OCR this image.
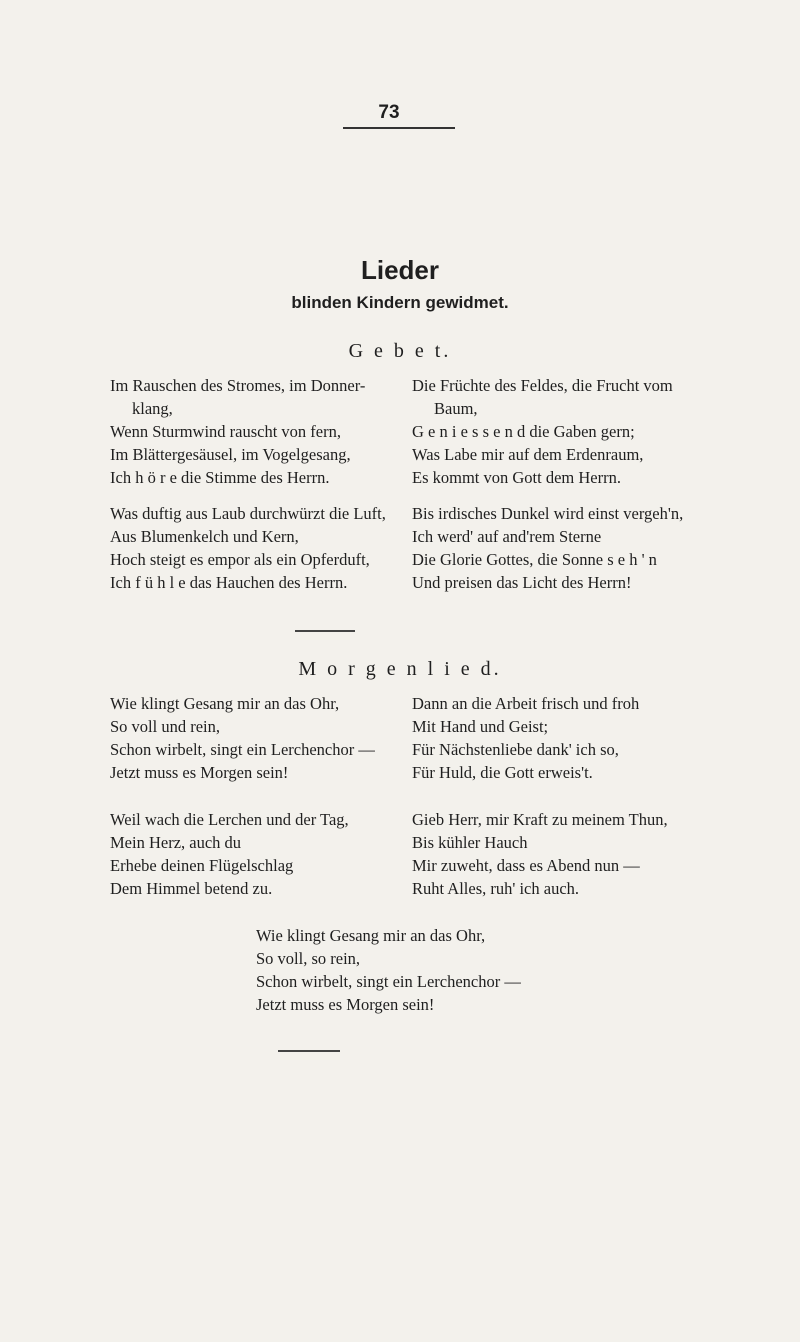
73
Lieder
blinden Kindern gewidmet.
G e b e t.
Im Rauschen des Stromes, im Donner-
klang,
Wenn Sturmwind rauscht von fern,
Im Blättergesäusel, im Vogelgesang,
Ich h ö r e die Stimme des Herrn.
Die Früchte des Feldes, die Frucht vom
Baum,
G e n i e s s e n d die Gaben gern;
Was Labe mir auf dem Erdenraum,
Es kommt von Gott dem Herrn.
Was duftig aus Laub durchwürzt die Luft,
Aus Blumenkelch und Kern,
Hoch steigt es empor als ein Opferduft,
Ich f ü h l e das Hauchen des Herrn.
Bis irdisches Dunkel wird einst vergeh'n,
Ich werd' auf and'rem Sterne
Die Glorie Gottes, die Sonne s e h ' n
Und preisen das Licht des Herrn!
M o r g e n l i e d.
Wie klingt Gesang mir an das Ohr,
So voll und rein,
Schon wirbelt, singt ein Lerchenchor —
Jetzt muss es Morgen sein!
Dann an die Arbeit frisch und froh
Mit Hand und Geist;
Für Nächstenliebe dank' ich so,
Für Huld, die Gott erweis't.
Weil wach die Lerchen und der Tag,
Mein Herz, auch du
Erhebe deinen Flügelschlag
Dem Himmel betend zu.
Gieb Herr, mir Kraft zu meinem Thun,
Bis kühler Hauch
Mir zuweht, dass es Abend nun —
Ruht Alles, ruh' ich auch.
Wie klingt Gesang mir an das Ohr,
So voll, so rein,
Schon wirbelt, singt ein Lerchenchor —
Jetzt muss es Morgen sein!
